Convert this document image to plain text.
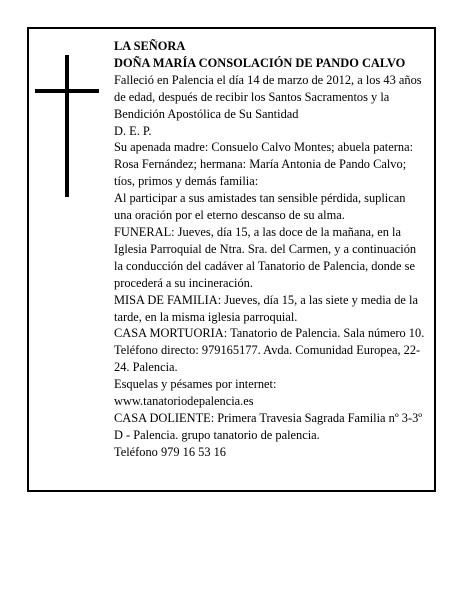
LA SEÑORA

DOÑA MARÍA CONSOLACIÓN DE PANDO CALVO

Falleció en Palencia el día 14 de marzo de 2012, a los 43 años de edad, después de recibir los Santos Sacramentos y la Bendición Apostólica de Su Santidad

D. E. P.

Su apenada madre: Consuelo Calvo Montes; abuela paterna: Rosa Fernández; hermana: María Antonia de Pando Calvo; tíos, primos y demás familia:

Al participar a sus amistades tan sensible pérdida, suplican una oración por el eterno descanso de su alma.

FUNERAL: Jueves, día 15, a las doce de la mañana, en la Iglesia Parroquial de Ntra. Sra. del Carmen, y a continuación la conducción del cadáver al Tanatorio de Palencia, donde se procederá a su incineración.

MISA DE FAMILIA: Jueves, día 15, a las siete y media de la tarde, en la misma iglesia parroquial.

CASA MORTUORIA: Tanatorio de Palencia. Sala número 10. Teléfono directo: 979165177. Avda. Comunidad Europea, 22-24. Palencia.

Esquelas y pésames por internet:

www.tanatoriodepalencia.es

CASA DOLIENTE: Primera Travesia Sagrada Familia nº 3-3º D - Palencia. grupo tanatorio de palencia.

Teléfono 979 16 53 16
